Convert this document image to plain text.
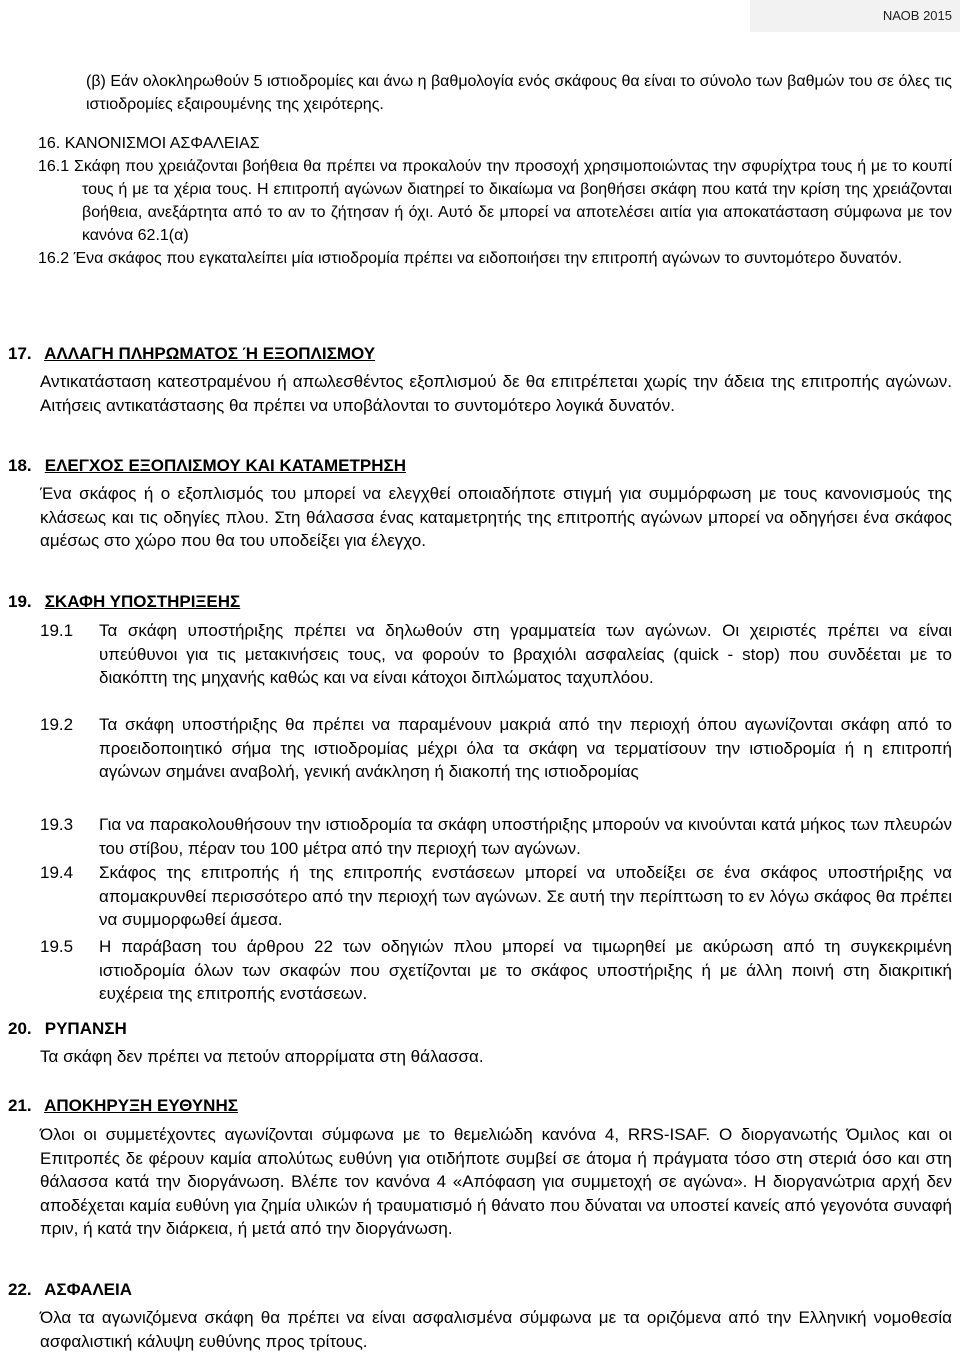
ΝΑΟΒ 2015

(β) Εάν ολοκληρωθούν 5 ιστιοδρομίες και άνω η βαθμολογία ενός σκάφους θα είναι το σύνολο των βαθμών του σε όλες τις ιστιοδρομίες εξαιρουμένης της χειρότερης.

16. ΚΑΝΟΝΙΣΜΟΙ ΑΣΦΑΛΕΙΑΣ

16.1 Σκάφη που χρειάζονται βοήθεια θα πρέπει να προκαλούν την προσοχή χρησιμοποιώντας την σφυρίχτρα τους ή με το κουπί τους ή με τα χέρια τους. Η επιτροπή αγώνων διατηρεί το δικαίωμα να βοηθήσει σκάφη που κατά την κρίση της χρειάζονται βοήθεια, ανεξάρτητα από το αν το ζήτησαν ή όχι. Αυτό δε μπορεί να αποτελέσει αιτία για αποκατάσταση σύμφωνα με τον κανόνα 62.1(α)

16.2 Ένα σκάφος που εγκαταλείπει μία ιστιοδρομία πρέπει να ειδοποιήσει την επιτροπή αγώνων το συντομότερο δυνατόν.

17. ΑΛΛΑΓΗ ΠΛΗΡΩΜΑΤΟΣ Ή ΕΞΟΠΛΙΣΜΟΥ

Αντικατάσταση κατεστραμένου ή απωλεσθέντος εξοπλισμού δε θα επιτρέπεται χωρίς την άδεια της επιτροπής αγώνων. Αιτήσεις αντικατάστασης θα πρέπει να υποβάλονται το συντομότερο λογικά δυνατόν.

18. ΕΛΕΓΧΟΣ ΕΞΟΠΛΙΣΜΟΥ ΚΑΙ ΚΑΤΑΜΕΤΡΗΣΗ

Ένα σκάφος ή ο εξοπλισμός του μπορεί να ελεγχθεί οποιαδήποτε στιγμή για συμμόρφωση με τους κανονισμούς της κλάσεως και τις οδηγίες πλου. Στη θάλασσα ένας καταμετρητής της επιτροπής αγώνων μπορεί να οδηγήσει ένα σκάφος αμέσως στο χώρο που θα του υποδείξει για έλεγχο.

19. ΣΚΑΦΗ ΥΠΟΣΤΗΡΙΞΕΗΣ
19.1 Τα σκάφη υποστήριξης πρέπει να δηλωθούν στη γραμματεία των αγώνων. Οι χειριστές πρέπει να είναι υπεύθυνοι για τις μετακινήσεις τους, να φορούν το βραχιόλι ασφαλείας (quick - stop) που συνδέεται με το διακόπτη της μηχανής καθώς και να είναι κάτοχοι διπλώματος ταχυπλόου.

19.2 Τα σκάφη υποστήριξης θα πρέπει να παραμένουν μακριά από την περιοχή όπου αγωνίζονται σκάφη από το προειδοποιητικό σήμα της ιστιοδρομίας μέχρι όλα τα σκάφη να τερματίσουν την ιστιοδρομία ή η επιτροπή αγώνων σημάνει αναβολή, γενική ανάκληση ή διακοπή της ιστιοδρομίας

19.3 Για να παρακολουθήσουν την ιστιοδρομία τα σκάφη υποστήριξης μπορούν να κινούνται κατά μήκος των πλευρών του στίβου, πέραν του 100 μέτρα από την περιοχή των αγώνων.

19.4 Σκάφος της επιτροπής ή της επιτροπής ενστάσεων μπορεί να υποδείξει σε ένα σκάφος υποστήριξης να απομακρυνθεί περισσότερο από την περιοχή των αγώνων. Σε αυτή την περίπτωση το εν λόγω σκάφος θα πρέπει να συμμορφωθεί άμεσα.

19.5 Η παράβαση του άρθρου 22 των οδηγιών πλου μπορεί να τιμωρηθεί με ακύρωση από τη συγκεκριμένη ιστιοδρομία όλων των σκαφών που σχετίζονται με το σκάφος υποστήριξης ή με άλλη ποινή στη διακριτική ευχέρεια της επιτροπής ενστάσεων.

20. ΡΥΠΑΝΣΗ

Τα σκάφη δεν πρέπει να πετούν απορρίματα στη θάλασσα.

21. ΑΠΟΚΗΡΥΞΗ ΕΥΘΥΝΗΣ

Όλοι οι συμμετέχοντες αγωνίζονται σύμφωνα με το θεμελιώδη κανόνα 4, RRS-ISAF. Ο διοργανωτής Όμιλος και οι Επιτροπές δε φέρουν καμία απολύτως ευθύνη για οτιδήποτε συμβεί σε άτομα ή πράγματα τόσο στη στεριά όσο και στη θάλασσα κατά την διοργάνωση. Βλέπε τον κανόνα 4 «Απόφαση για συμμετοχή σε αγώνα». Η διοργανώτρια αρχή δεν αποδέχεται καμία ευθύνη για ζημία υλικών ή τραυματισμό ή θάνατο που δύναται να υποστεί κανείς από γεγονότα συναφή πριν, ή κατά την διάρκεια, ή μετά από την διοργάνωση.

22. ΑΣΦΑΛΕΙΑ

Όλα τα αγωνιζόμενα σκάφη θα πρέπει να είναι ασφαλισμένα σύμφωνα με τα οριζόμενα από την Ελληνική νομοθεσία ασφαλιστική κάλυψη ευθύνης προς τρίτους.
